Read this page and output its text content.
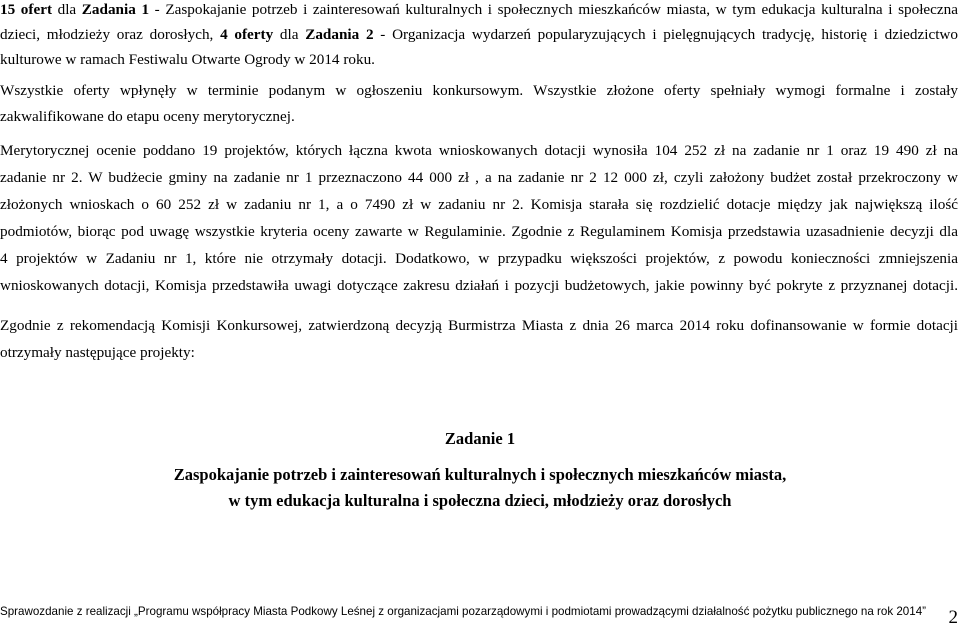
15 ofert dla Zadania 1 - Zaspokajanie potrzeb i zainteresowań kulturalnych i społecznych mieszkańców miasta, w tym edukacja kulturalna i społeczna
dzieci, młodzieży oraz dorosłych, 4 oferty dla Zadania 2 - Organizacja wydarzeń popularyzujących i pielęgnujących tradycję, historię i dziedzictwo
kulturowe w ramach Festiwalu Otwarte Ogrody w 2014 roku.
Wszystkie oferty wpłynęły w terminie podanym w ogłoszeniu konkursowym. Wszystkie złożone oferty spełniały wymogi formalne i zostały
zakwalifikowane do etapu oceny merytorycznej.
Merytorycznej ocenie poddano 19 projektów, których łączna kwota wnioskowanych dotacji wynosiła 104 252 zł na zadanie nr 1 oraz 19 490 zł na
zadanie nr 2. W budżecie gminy na zadanie nr 1 przeznaczono 44 000 zł , a na zadanie nr 2 12 000 zł, czyli założony budżet został przekroczony w
złożonych wnioskach o 60 252 zł w zadaniu nr 1, a o 7490 zł w zadaniu nr 2. Komisja starała się rozdzielić dotacje między jak największą ilość
podmiotów, biorąc pod uwagę wszystkie kryteria oceny zawarte w Regulaminie. Zgodnie z Regulaminem Komisja przedstawia uzasadnienie decyzji dla
4 projektów w Zadaniu nr 1, które nie otrzymały dotacji. Dodatkowo, w przypadku większości projektów, z powodu konieczności zmniejszenia
wnioskowanych dotacji, Komisja przedstawiła uwagi dotyczące zakresu działań i pozycji budżetowych, jakie powinny być pokryte z przyznanej dotacji.
Zgodnie z rekomendacją Komisji Konkursowej, zatwierdzoną decyzją Burmistrza Miasta z dnia 26 marca 2014 roku dofinansowanie w formie dotacji
otrzymały następujące projekty:
Zadanie 1
Zaspokajanie potrzeb i zainteresowań kulturalnych i społecznych mieszkańców miasta,
w tym edukacja kulturalna i społeczna dzieci, młodzieży oraz dorosłych
Sprawozdanie z realizacji „Programu współpracy Miasta Podkowy Leśnej z organizacjami pozarządowymi i podmiotami prowadzącymi działalność pożytku publicznego na rok 2014”	2
